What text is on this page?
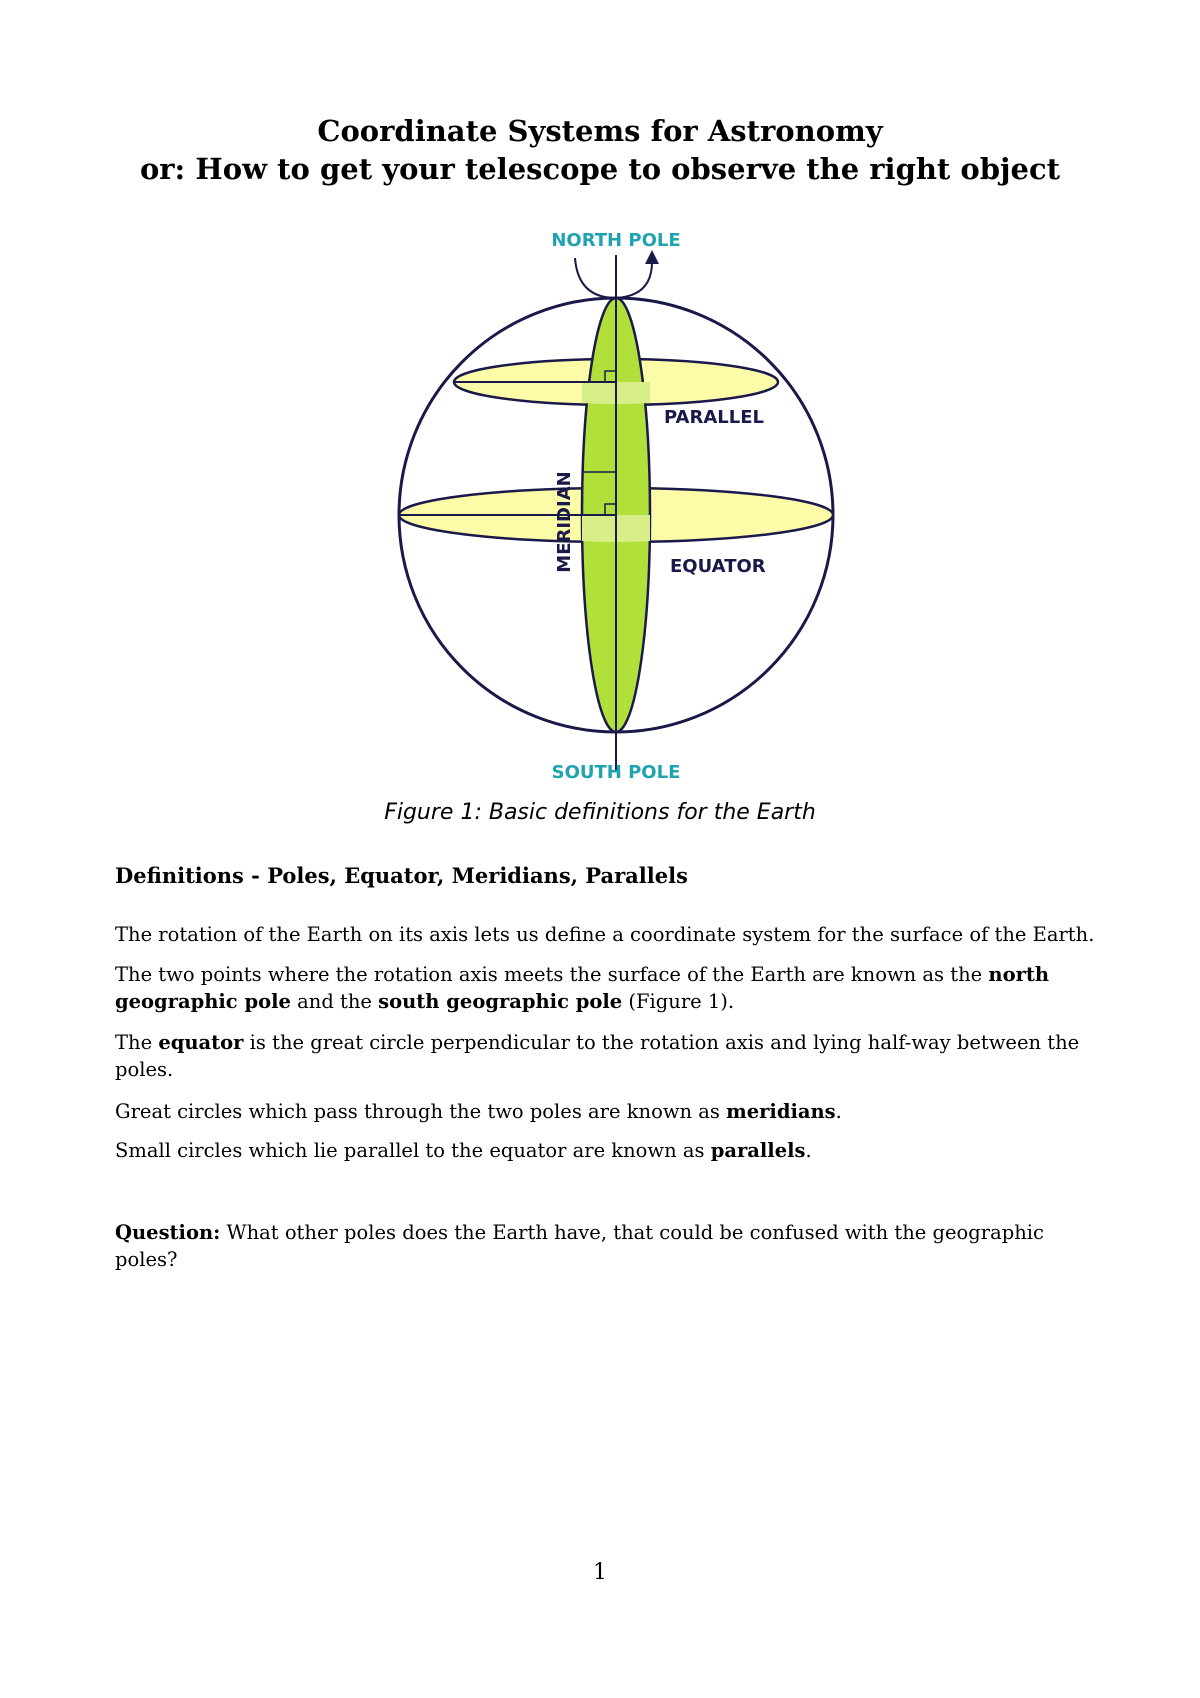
Coordinate Systems for Astronomy
or: How to get your telescope to observe the right object
NORTH POLE
SOUTH POLE
PARALLEL
EQUATOR
MERIDIAN
Figure 1: Basic definitions for the Earth
Definitions - Poles, Equator, Meridians, Parallels
The rotation of the Earth on its axis lets us define a coordinate system for the surface of the Earth.
The two points where the rotation axis meets the surface of the Earth are known as the north geographic pole and the south geographic pole (Figure 1).
The equator is the great circle perpendicular to the rotation axis and lying half-way between the poles.
Great circles which pass through the two poles are known as meridians.
Small circles which lie parallel to the equator are known as parallels.
Question: What other poles does the Earth have, that could be confused with the geographic poles?
1
